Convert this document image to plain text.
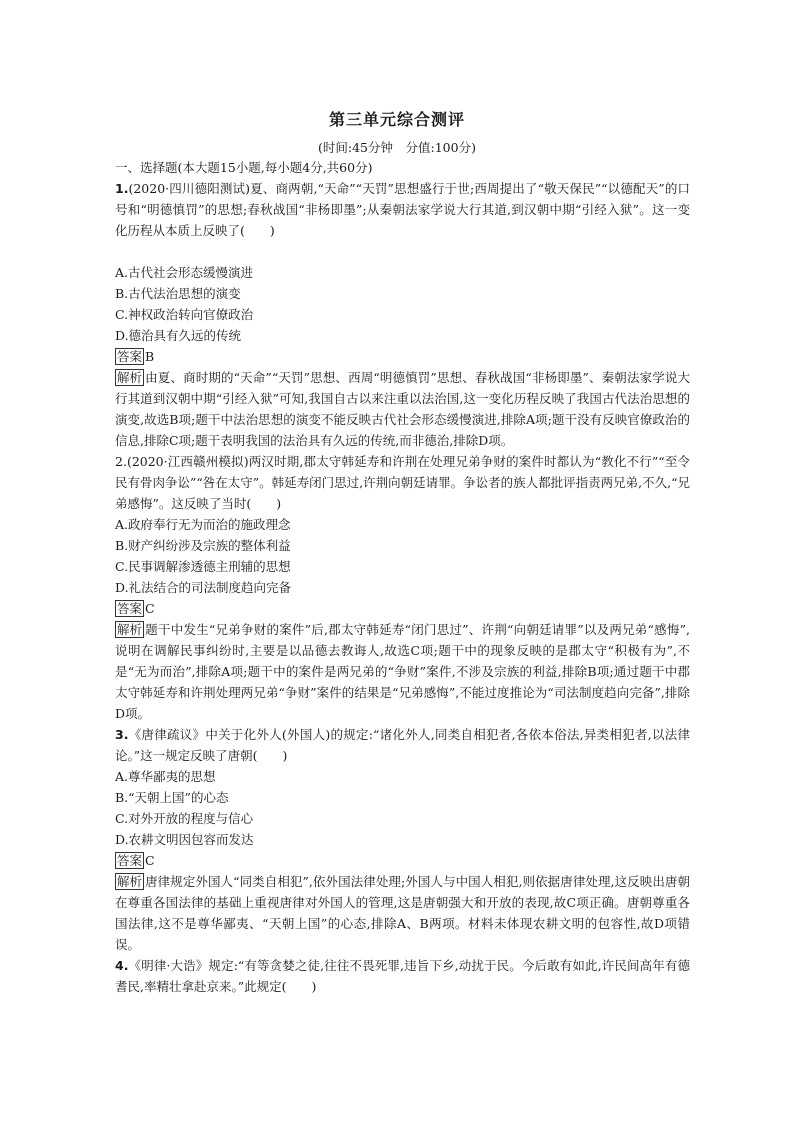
第三单元综合测评
(时间:45分钟　分值:100分)

一、选择题(本大题15小题,每小题4分,共60分)

1.(2020·四川德阳测试)夏、商两朝,“天命”“天罚”思想盛行于世;西周提出了“敬天保民”“以德配天”的口号和“明德慎罚”的思想;春秋战国“非杨即墨”;从秦朝法家学说大行其道,到汉朝中期“引经入狱”。这一变化历程从本质上反映了(　　)

A.古代社会形态缓慢演进
B.古代法治思想的演变
C.神权政治转向官僚政治
D.德治具有久远的传统

答案 B

解析 由夏、商时期的“天命”“天罚”思想、西周“明德慎罚”思想、春秋战国“非杨即墨”、秦朝法家学说大行其道到汉朝中期“引经入狱”可知,我国自古以来注重以法治国,这一变化历程反映了我国古代法治思想的演变,故选B项;题干中法治思想的演变不能反映古代社会形态缓慢演进,排除A项;题干没有反映官僚政治的信息,排除C项;题干表明我国的法治具有久远的传统,而非德治,排除D项。

2.(2020·江西赣州模拟)两汉时期,郡太守韩延寿和许荆在处理兄弟争财的案件时都认为“教化不行”“至令民有骨肉争讼”“咎在太守”。韩延寿闭门思过,许荆向朝廷请罪。争讼者的族人都批评指责两兄弟,不久,“兄弟感悔”。这反映了当时(　　)

A.政府奉行无为而治的施政理念
B.财产纠纷涉及宗族的整体利益
C.民事调解渗透德主刑辅的思想
D.礼法结合的司法制度趋向完备

答案 C

解析 题干中发生“兄弟争财的案件”后,郡太守韩延寿“闭门思过”、许荆“向朝廷请罪”以及两兄弟“感悔”,说明在调解民事纠纷时,主要是以品德去教诲人,故选C项;题干中的现象反映的是郡太守“积极有为”,不是“无为而治”,排除A项;题干中的案件是两兄弟的“争财”案件,不涉及宗族的利益,排除B项;通过题干中郡太守韩延寿和许荆处理两兄弟“争财”案件的结果是“兄弟感悔”,不能过度推论为“司法制度趋向完备”,排除D项。

3.《唐律疏议》中关于化外人(外国人)的规定:“诸化外人,同类自相犯者,各依本俗法,异类相犯者,以法律论。”这一规定反映了唐朝(　　)

A.尊华鄙夷的思想
B.“天朝上国”的心态
C.对外开放的程度与信心
D.农耕文明因包容而发达

答案 C

解析 唐律规定外国人“同类自相犯”,依外国法律处理;外国人与中国人相犯,则依据唐律处理,这反映出唐朝在尊重各国法律的基础上重视唐律对外国人的管理,这是唐朝强大和开放的表现,故C项正确。唐朝尊重各国法律,这不是尊华鄙夷、“天朝上国”的心态,排除A、B两项。材料未体现农耕文明的包容性,故D项错误。

4.《明律·大诰》规定:“有等贪婪之徒,往往不畏死罪,违旨下乡,动扰于民。今后敢有如此,许民间高年有德耆民,率精壮拿赴京来。”此规定(　　)
